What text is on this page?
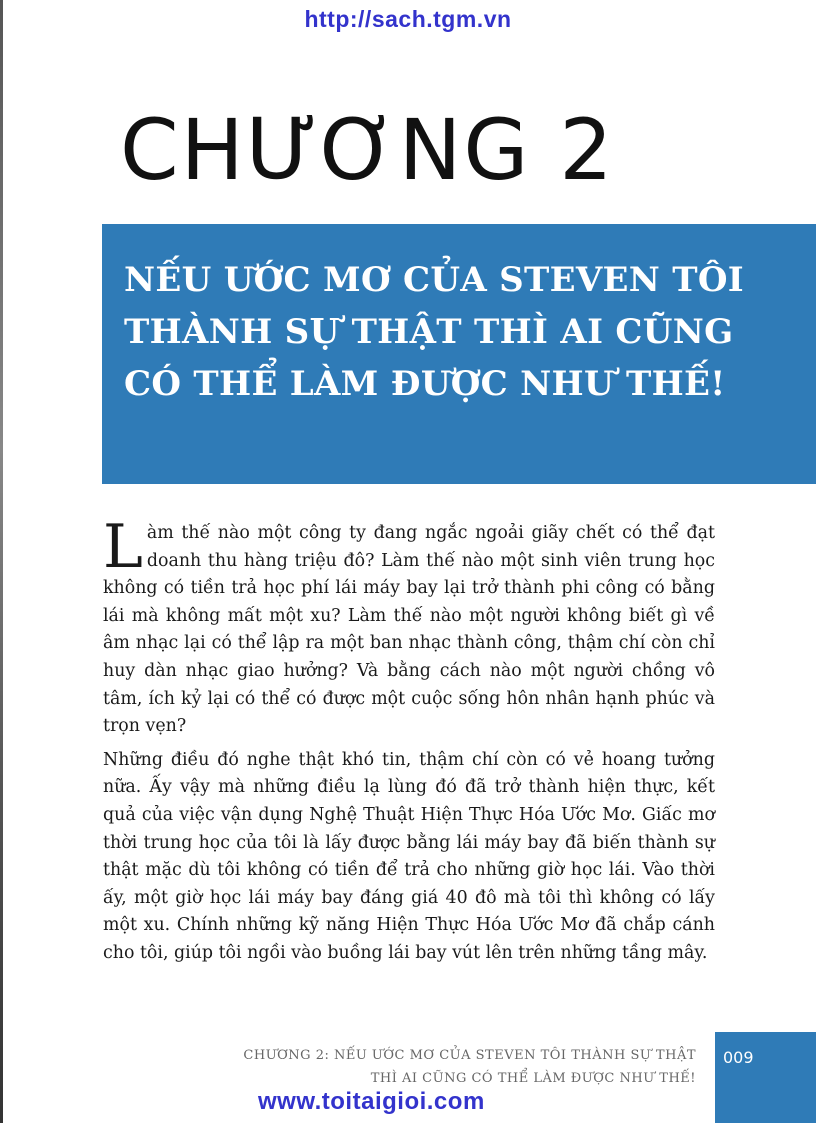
http://sach.tgm.vn
CHƯƠNG 2
NẾU ƯỚC MƠ CỦA STEVEN TÔI
THÀNH SỰ THẬT THÌ AI CŨNG
CÓ THỂ LÀM ĐƯỢC NHƯ THẾ!

Làm thế nào một công ty đang ngắc ngoải giãy chết có thể đạt doanh thu hàng triệu đô? Làm thế nào một sinh viên trung học không có tiền trả học phí lái máy bay lại trở thành phi công có bằng lái mà không mất một xu? Làm thế nào một người không biết gì về âm nhạc lại có thể lập ra một ban nhạc thành công, thậm chí còn chỉ huy dàn nhạc giao hưởng? Và bằng cách nào một người chồng vô tâm, ích kỷ lại có thể có được một cuộc sống hôn nhân hạnh phúc và trọn vẹn?

Những điều đó nghe thật khó tin, thậm chí còn có vẻ hoang tưởng nữa. Ấy vậy mà những điều lạ lùng đó đã trở thành hiện thực, kết quả của việc vận dụng Nghệ Thuật Hiện Thực Hóa Ước Mơ. Giấc mơ thời trung học của tôi là lấy được bằng lái máy bay đã biến thành sự thật mặc dù tôi không có tiền để trả cho những giờ học lái. Vào thời ấy, một giờ học lái máy bay đáng giá 40 đô mà tôi thì không có lấy một xu. Chính những kỹ năng Hiện Thực Hóa Ước Mơ đã chắp cánh cho tôi, giúp tôi ngồi vào buồng lái bay vút lên trên những tầng mây.

CHƯƠNG 2: NẾU ƯỚC MƠ CỦA STEVEN TÔI THÀNH SỰ THẬT
THÌ AI CŨNG CÓ THỂ LÀM ĐƯỢC NHƯ THẾ!
009
www.toitaigioi.com
